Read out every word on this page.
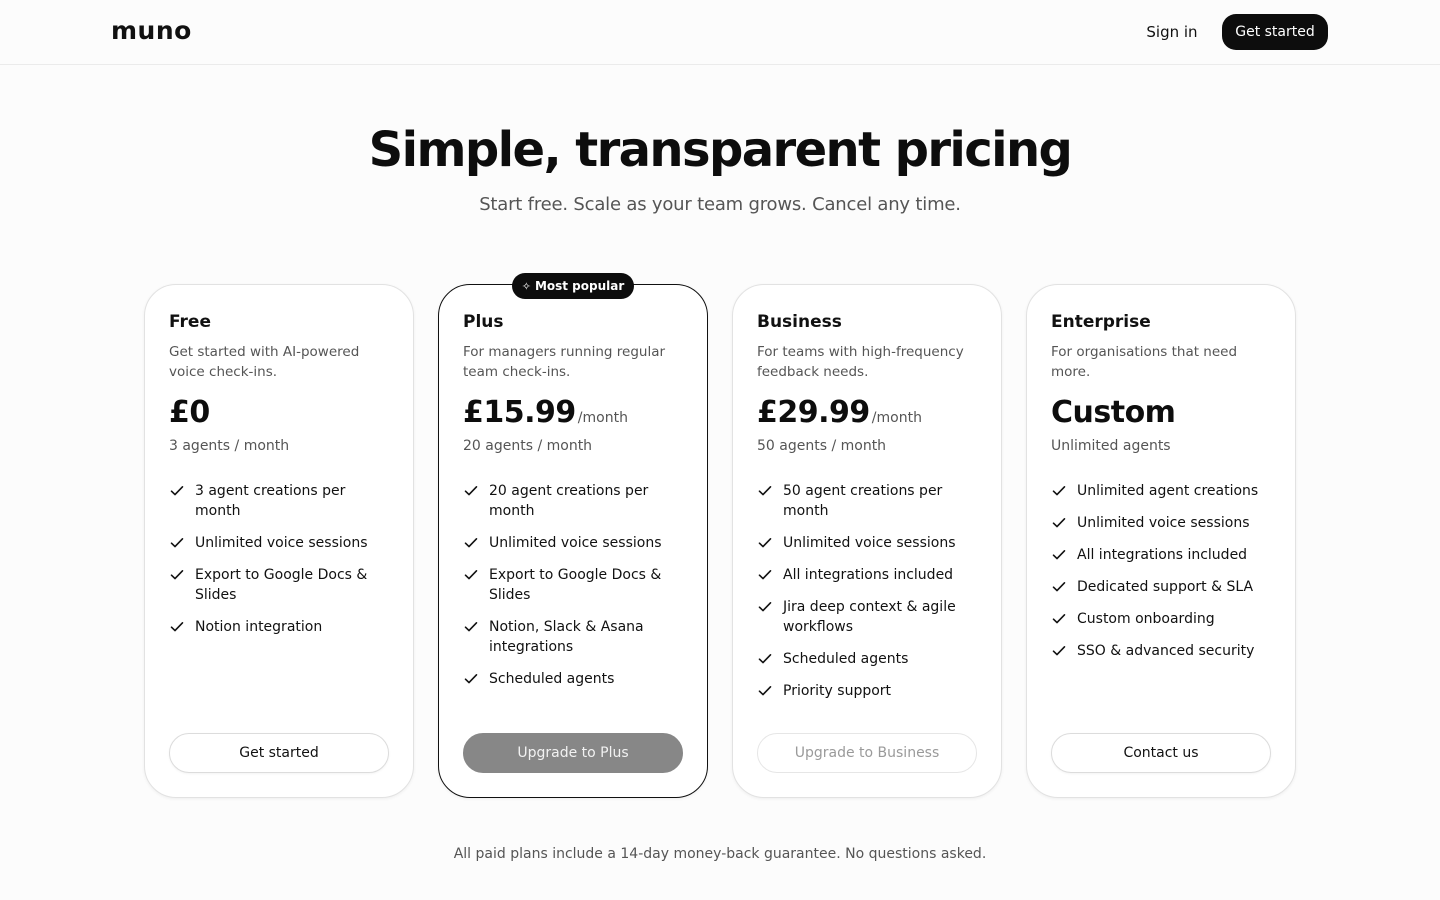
muno	Sign in	Get started
Simple, transparent pricing

Start free. Scale as your team grows. Cancel any time.

Free
Get started with AI-powered voice check-ins.
£0
3 agents / month
3 agent creations per month
Unlimited voice sessions
Export to Google Docs & Slides
Notion integration
Get started
✧ Most popular
Plus
For managers running regular team check-ins.
£15.99 /month
20 agents / month
20 agent creations per month
Unlimited voice sessions
Export to Google Docs & Slides
Notion, Slack & Asana integrations
Scheduled agents
Upgrade to Plus
Business
For teams with high-frequency feedback needs.
£29.99 /month
50 agents / month
50 agent creations per month
Unlimited voice sessions
All integrations included
Jira deep context & agile workflows
Scheduled agents
Priority support
Upgrade to Business
Enterprise
For organisations that need more.
Custom
Unlimited agents
Unlimited agent creations
Unlimited voice sessions
All integrations included
Dedicated support & SLA
Custom onboarding
SSO & advanced security
Contact us

All paid plans include a 14-day money-back guarantee. No questions asked.
